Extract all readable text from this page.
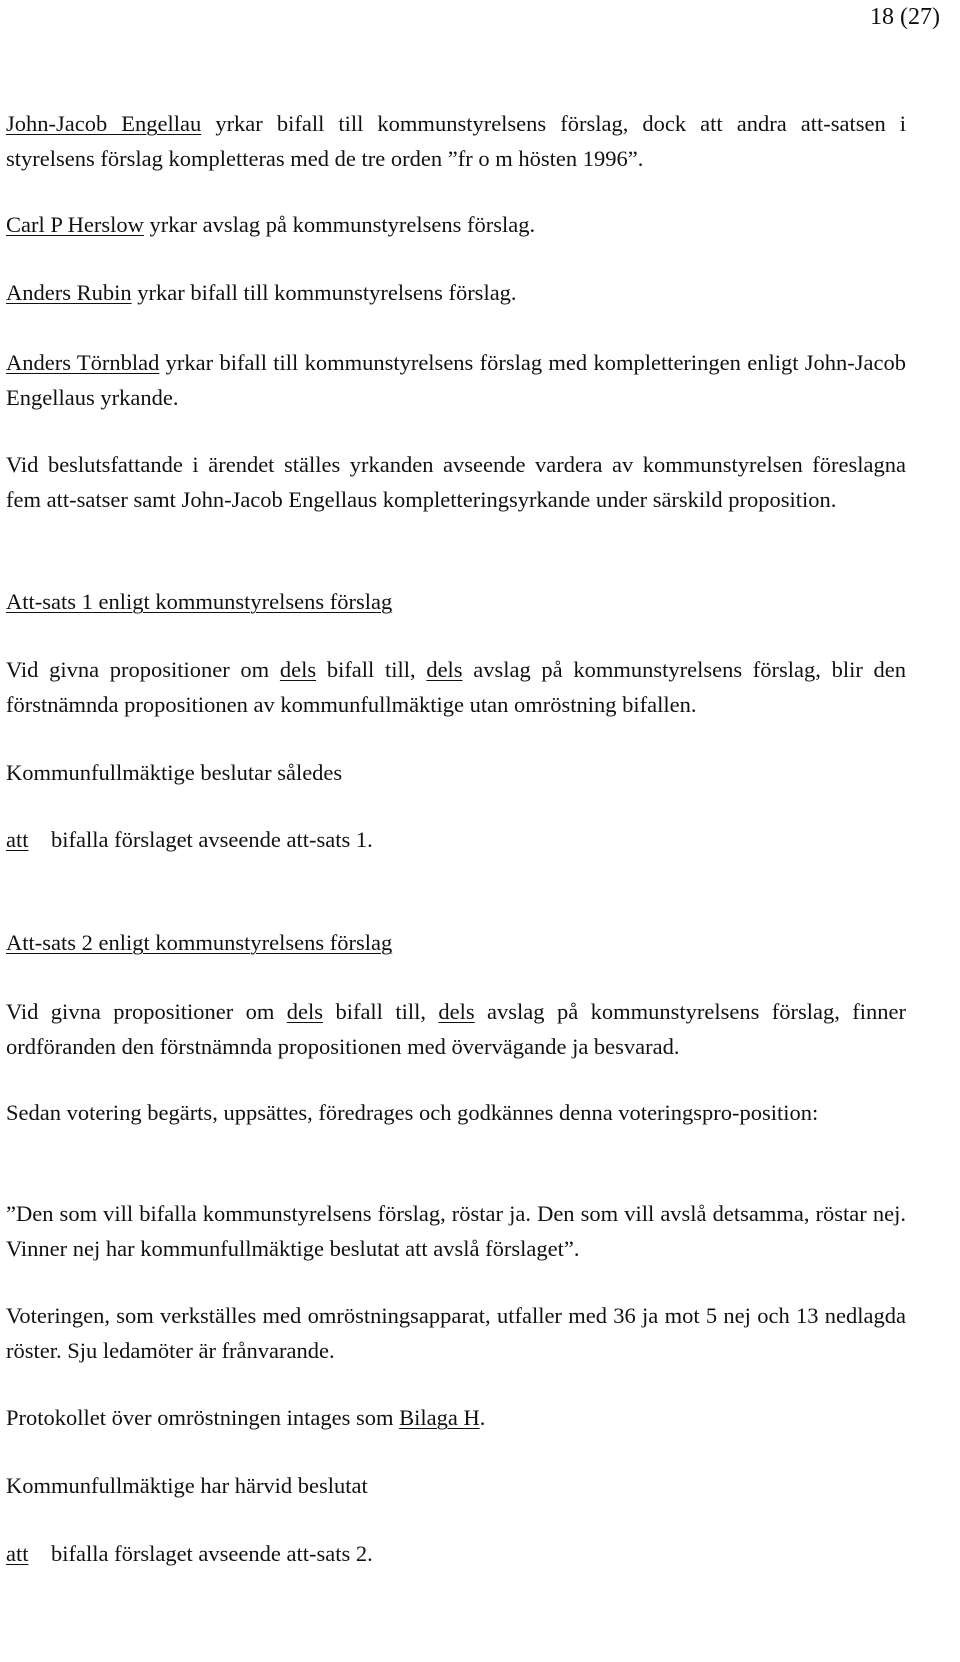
18 (27)

John-Jacob Engellau yrkar bifall till kommunstyrelsens förslag, dock att andra att-satsen i styrelsens förslag kompletteras med de tre orden ”fr o m hösten 1996”.

Carl P Herslow yrkar avslag på kommunstyrelsens förslag.

Anders Rubin yrkar bifall till kommunstyrelsens förslag.

Anders Törnblad yrkar bifall till kommunstyrelsens förslag med kompletteringen enligt John-Jacob Engellaus yrkande.

Vid beslutsfattande i ärendet ställes yrkanden avseende vardera av kommunstyrelsen föreslagna fem att-satser samt John-Jacob Engellaus kompletteringsyrkande under särskild proposition.

Att-sats 1 enligt kommunstyrelsens förslag

Vid givna propositioner om dels bifall till, dels avslag på kommunstyrelsens förslag, blir den förstnämnda propositionen av kommunfullmäktige utan omröstning bifallen.

Kommunfullmäktige beslutar således

att bifalla förslaget avseende att-sats 1.

Att-sats 2 enligt kommunstyrelsens förslag

Vid givna propositioner om dels bifall till, dels avslag på kommunstyrelsens förslag, finner ordföranden den förstnämnda propositionen med övervägande ja besvarad.

Sedan votering begärts, uppsättes, föredrages och godkännes denna voteringspro-position:

”Den som vill bifalla kommunstyrelsens förslag, röstar ja. Den som vill avslå detsamma, röstar nej. Vinner nej har kommunfullmäktige beslutat att avslå förslaget”.

Voteringen, som verkställes med omröstningsapparat, utfaller med 36 ja mot 5 nej och 13 nedlagda röster. Sju ledamöter är frånvarande.

Protokollet över omröstningen intages som Bilaga H.

Kommunfullmäktige har härvid beslutat

att bifalla förslaget avseende att-sats 2.
